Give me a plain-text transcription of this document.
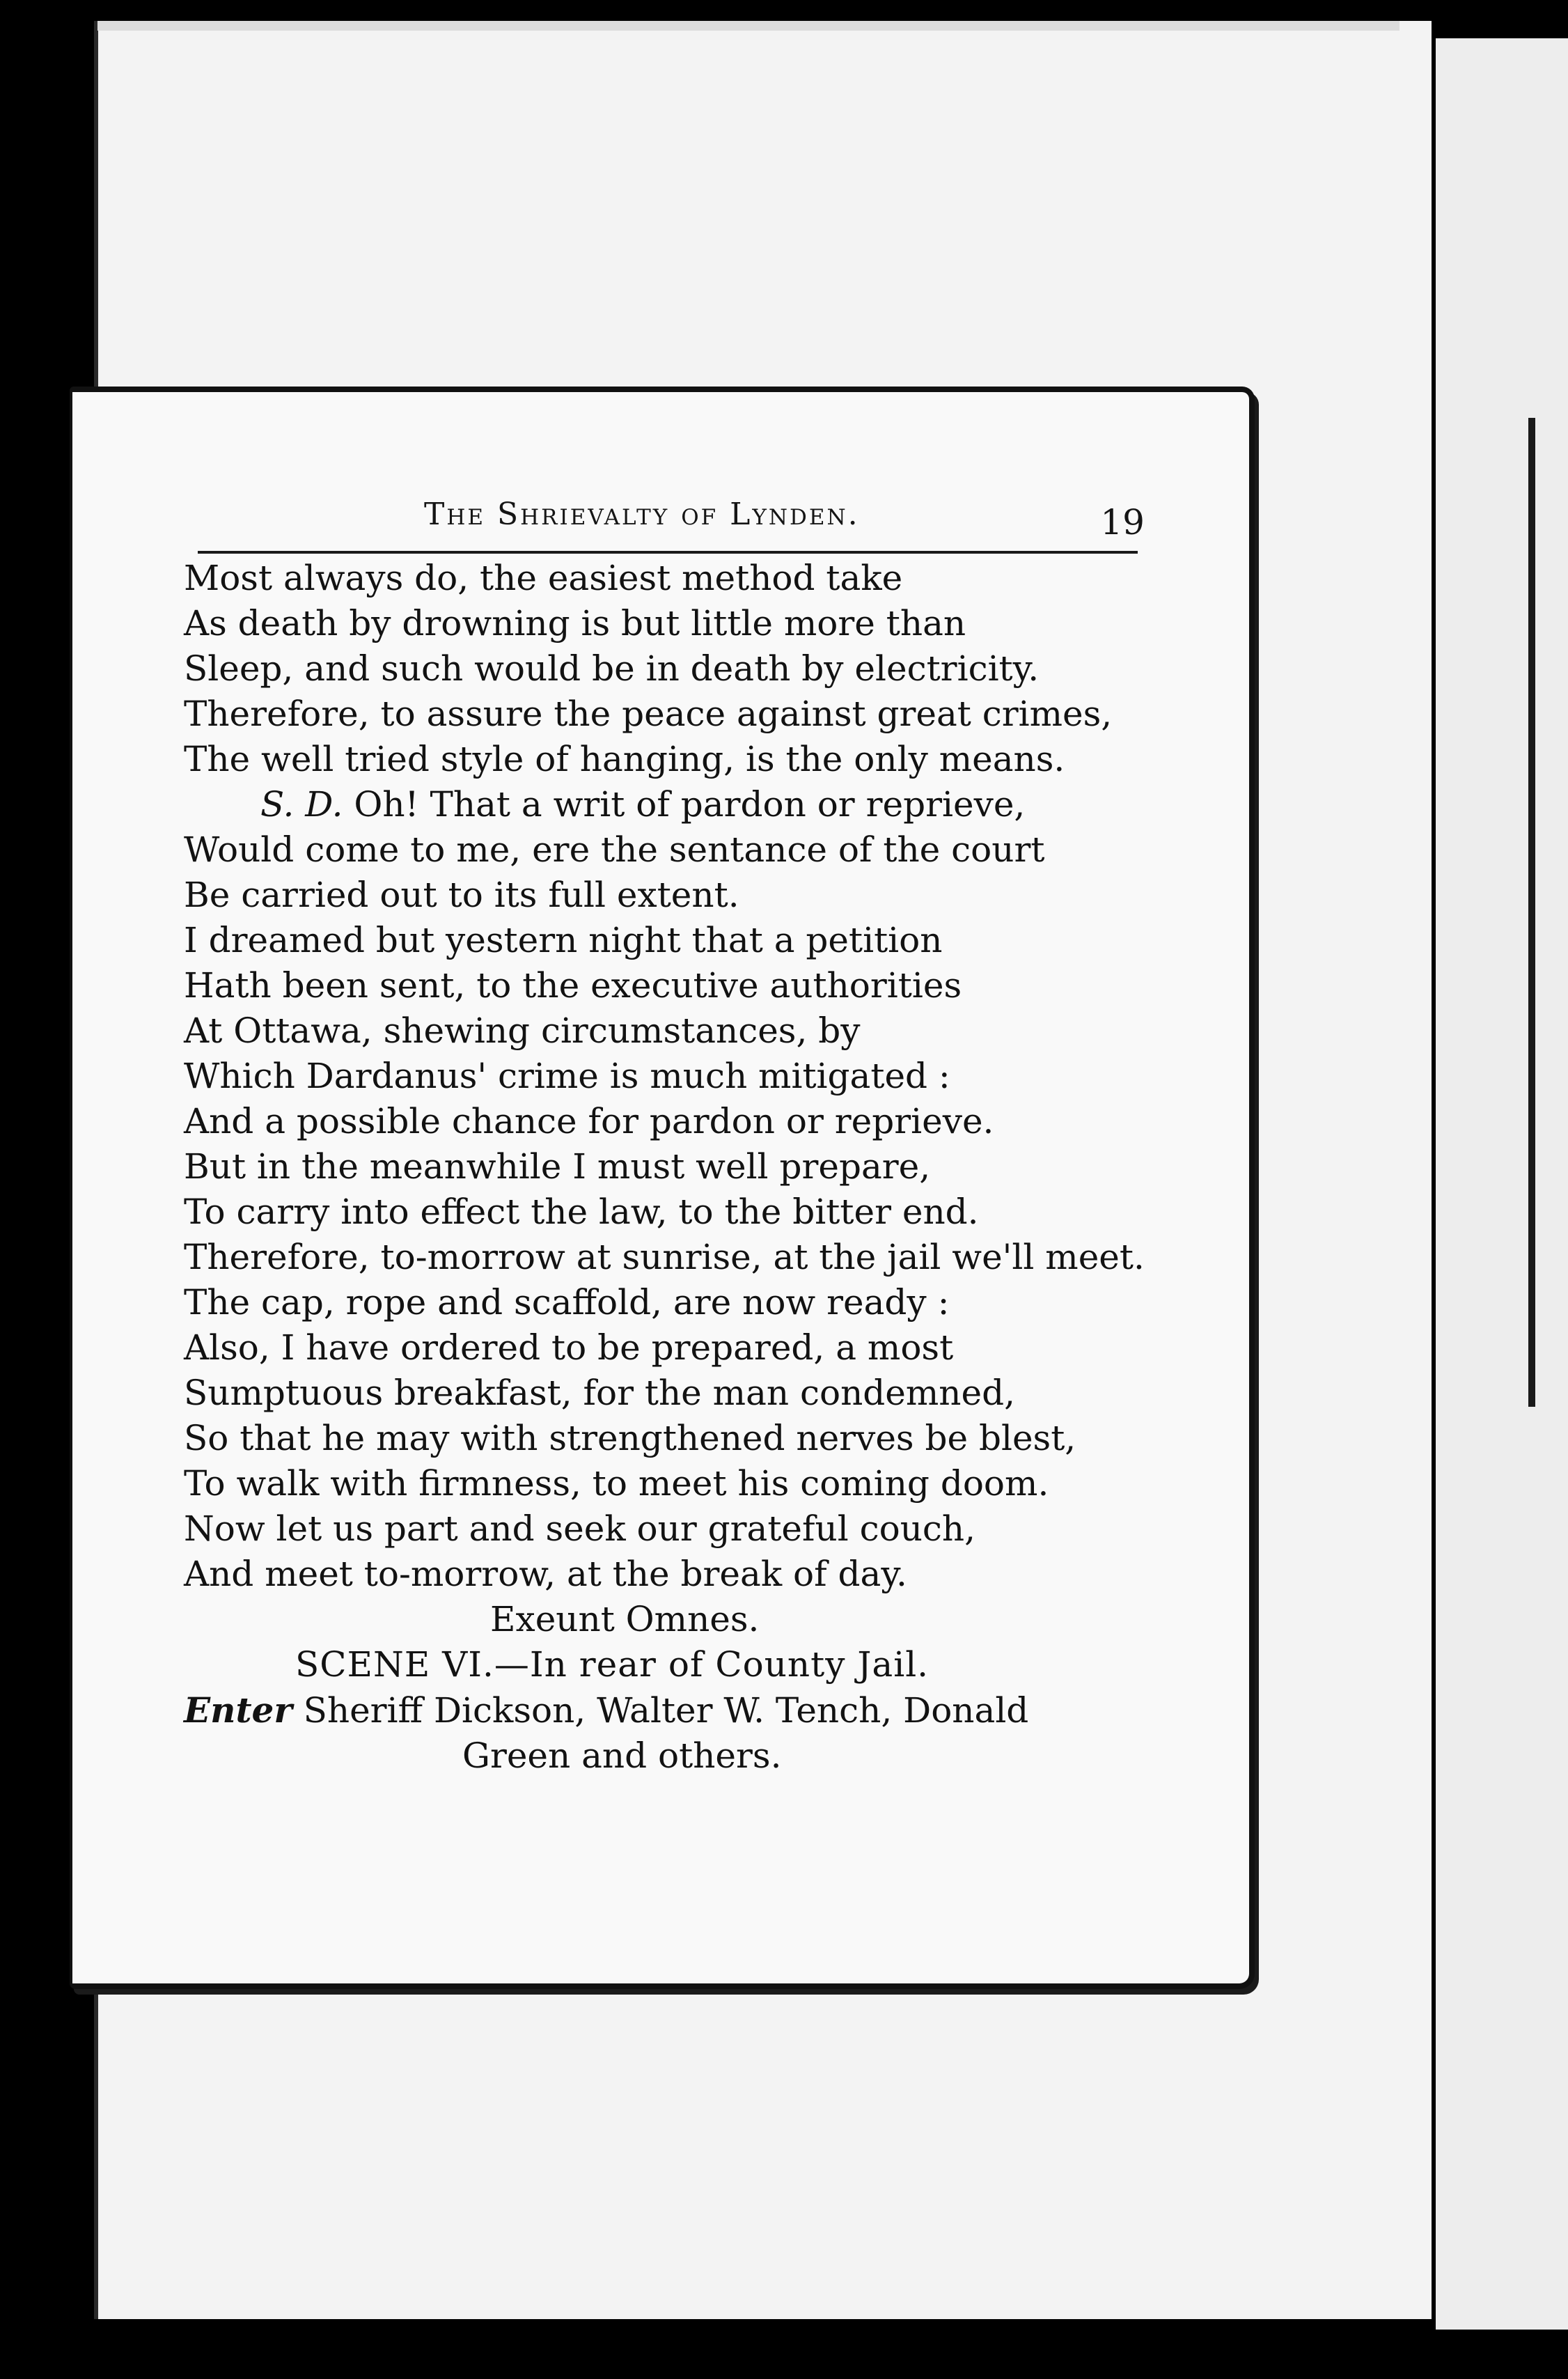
The Shrievalty of Lynden.	19
Most always do, the easiest method take
As death by drowning is but little more than
Sleep, and such would be in death by electricity.
Therefore, to assure the peace against great crimes,
The well tried style of hanging, is the only means.
S. D. Oh! That a writ of pardon or reprieve,
Would come to me, ere the sentance of the court
Be carried out to its full extent.
I dreamed but yestern night that a petition
Hath been sent, to the executive authorities
At Ottawa, shewing circumstances, by
Which Dardanus' crime is much mitigated :
And a possible chance for pardon or reprieve.
But in the meanwhile I must well prepare,
To carry into effect the law, to the bitter end.
Therefore, to-morrow at sunrise, at the jail we'll meet.
The cap, rope and scaffold, are now ready :
Also, I have ordered to be prepared, a most
Sumptuous breakfast, for the man condemned,
So that he may with strengthened nerves be blest,
To walk with firmness, to meet his coming doom.
Now let us part and seek our grateful couch,
And meet to-morrow, at the break of day.
Exeunt Omnes.
SCENE VI.—In rear of County Jail.
Enter Sheriff Dickson, Walter W. Tench, Donald
Green and others.
